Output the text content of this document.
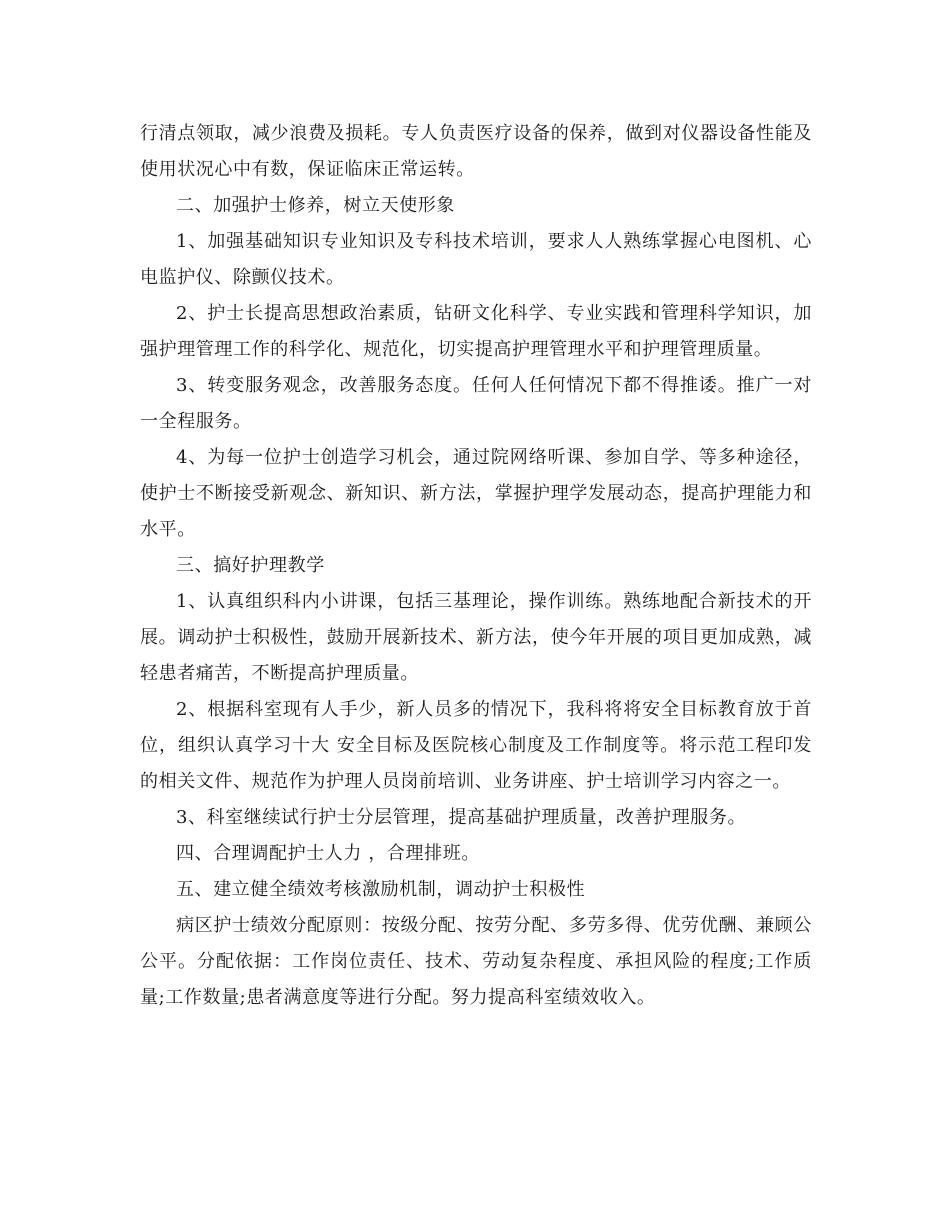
行清点领取，减少浪费及损耗。专人负责医疗设备的保养，做到对仪器设备性能及使用状况心中有数，保证临床正常运转。

二、加强护士修养，树立天使形象

1、加强基础知识专业知识及专科技术培训，要求人人熟练掌握心电图机、心电监护仪、除颤仪技术。

2、护士长提高思想政治素质，钻研文化科学、专业实践和管理科学知识，加强护理管理工作的科学化、规范化，切实提高护理管理水平和护理管理质量。

3、转变服务观念，改善服务态度。任何人任何情况下都不得推诿。推广一对一全程服务。

4、为每一位护士创造学习机会，通过院网络听课、参加自学、等多种途径，使护士不断接受新观念、新知识、新方法，掌握护理学发展动态，提高护理能力和水平。

三、搞好护理教学

1、认真组织科内小讲课，包括三基理论，操作训练。熟练地配合新技术的开展。调动护士积极性，鼓励开展新技术、新方法，使今年开展的项目更加成熟，减轻患者痛苦，不断提高护理质量。

2、根据科室现有人手少，新人员多的情况下，我科将将安全目标教育放于首位，组织认真学习十大 安全目标及医院核心制度及工作制度等。将示范工程印发的相关文件、规范作为护理人员岗前培训、业务讲座、护士培训学习内容之一。

3、科室继续试行护士分层管理，提高基础护理质量，改善护理服务。

四、合理调配护士人力 ，合理排班。

五、建立健全绩效考核激励机制，调动护士积极性

病区护士绩效分配原则：按级分配、按劳分配、多劳多得、优劳优酬、兼顾公公平。分配依据：工作岗位责任、技术、劳动复杂程度、承担风险的程度;工作质量;工作数量;患者满意度等进行分配。努力提高科室绩效收入。
